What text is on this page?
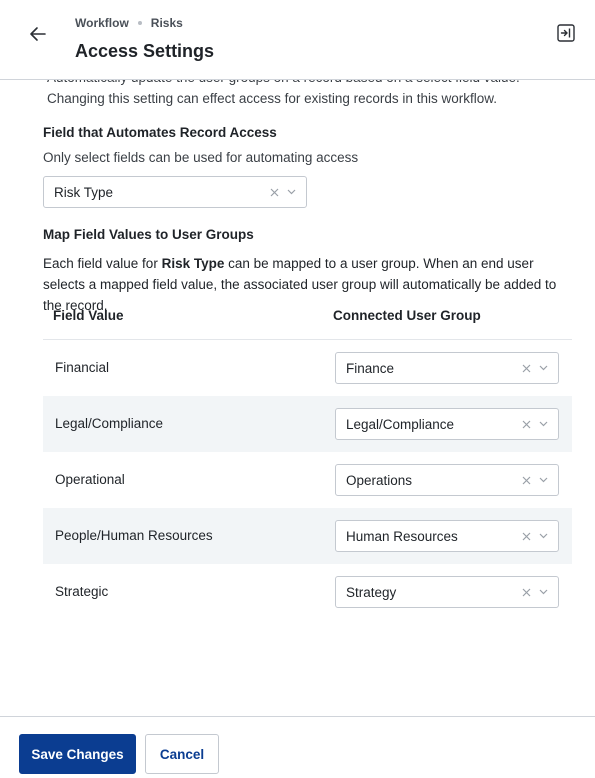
Workflow Risks
Access Settings
Changing this setting can effect access for existing records in this workflow.
Field that Automates Record Access
Only select fields can be used for automating access
Risk Type
Map Field Values to User Groups
Each field value for Risk Type can be mapped to a user group. When an end user selects a mapped field value, the associated user group will automatically be added to the record.
Field Value	Connected User Group
Financial	Finance
Legal/Compliance	Legal/Compliance
Operational	Operations
People/Human Resources	Human Resources
Strategic	Strategy
Save Changes	Cancel
